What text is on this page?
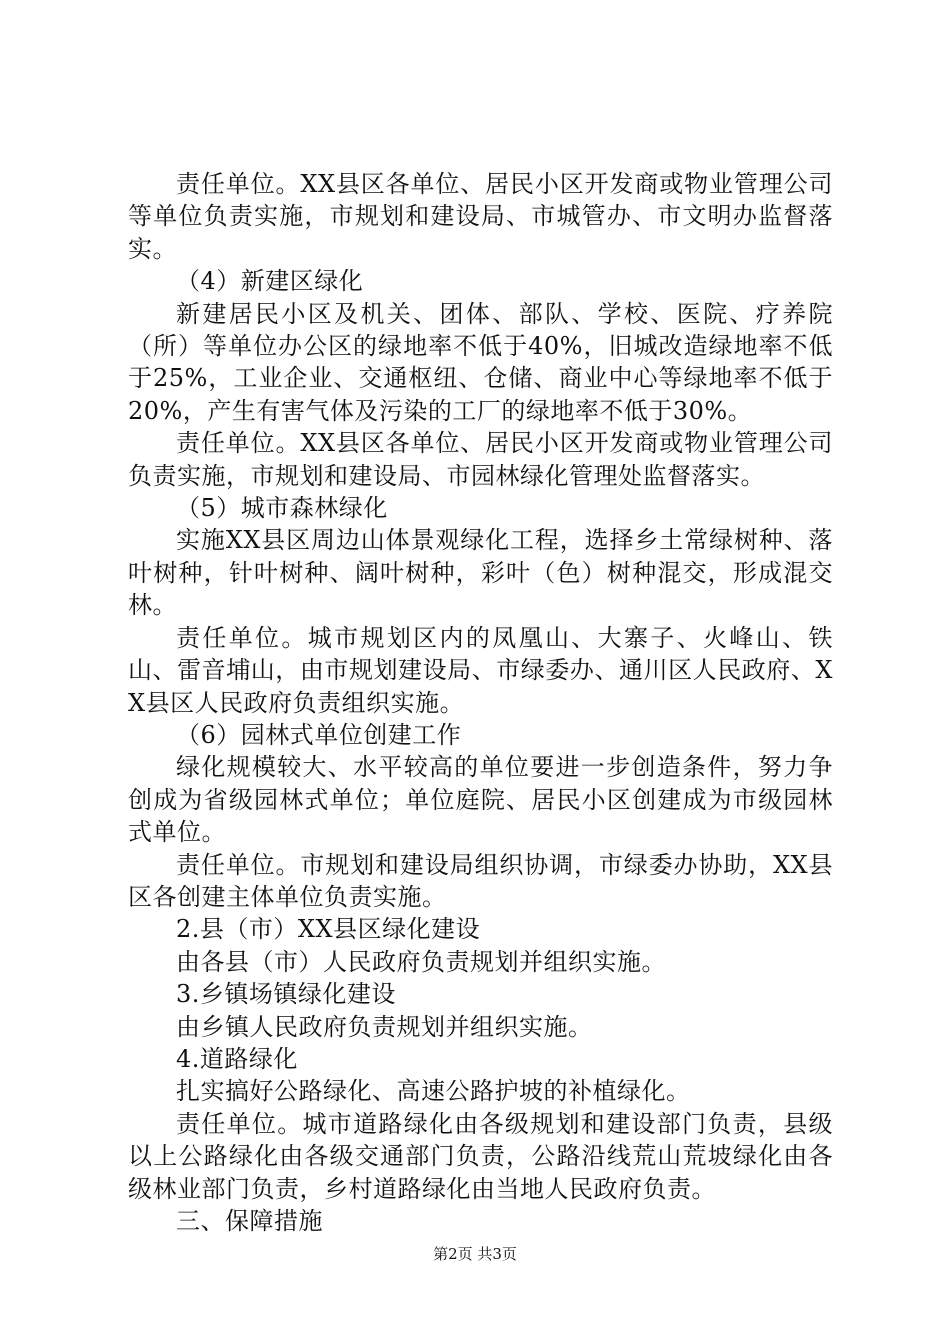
责任单位。XX县区各单位、居民小区开发商或物业管理公司等单位负责实施，市规划和建设局、市城管办、市文明办监督落实。

（4）新建区绿化

新建居民小区及机关、团体、部队、学校、医院、疗养院（所）等单位办公区的绿地率不低于40%，旧城改造绿地率不低于25%，工业企业、交通枢纽、仓储、商业中心等绿地率不低于20%，产生有害气体及污染的工厂的绿地率不低于30%。

责任单位。XX县区各单位、居民小区开发商或物业管理公司负责实施，市规划和建设局、市园林绿化管理处监督落实。

（5）城市森林绿化

实施XX县区周边山体景观绿化工程，选择乡土常绿树种、落叶树种，针叶树种、阔叶树种，彩叶（色）树种混交，形成混交林。

责任单位。城市规划区内的凤凰山、大寨子、火峰山、铁山、雷音埔山，由市规划建设局、市绿委办、通川区人民政府、XX县区人民政府负责组织实施。

（6）园林式单位创建工作

绿化规模较大、水平较高的单位要进一步创造条件，努力争创成为省级园林式单位；单位庭院、居民小区创建成为市级园林式单位。

责任单位。市规划和建设局组织协调，市绿委办协助，XX县区各创建主体单位负责实施。

2.县（市）XX县区绿化建设

由各县（市）人民政府负责规划并组织实施。

3.乡镇场镇绿化建设

由乡镇人民政府负责规划并组织实施。

4.道路绿化

扎实搞好公路绿化、高速公路护坡的补植绿化。

责任单位。城市道路绿化由各级规划和建设部门负责，县级以上公路绿化由各级交通部门负责，公路沿线荒山荒坡绿化由各级林业部门负责，乡村道路绿化由当地人民政府负责。

三、保障措施

第2页 共3页
